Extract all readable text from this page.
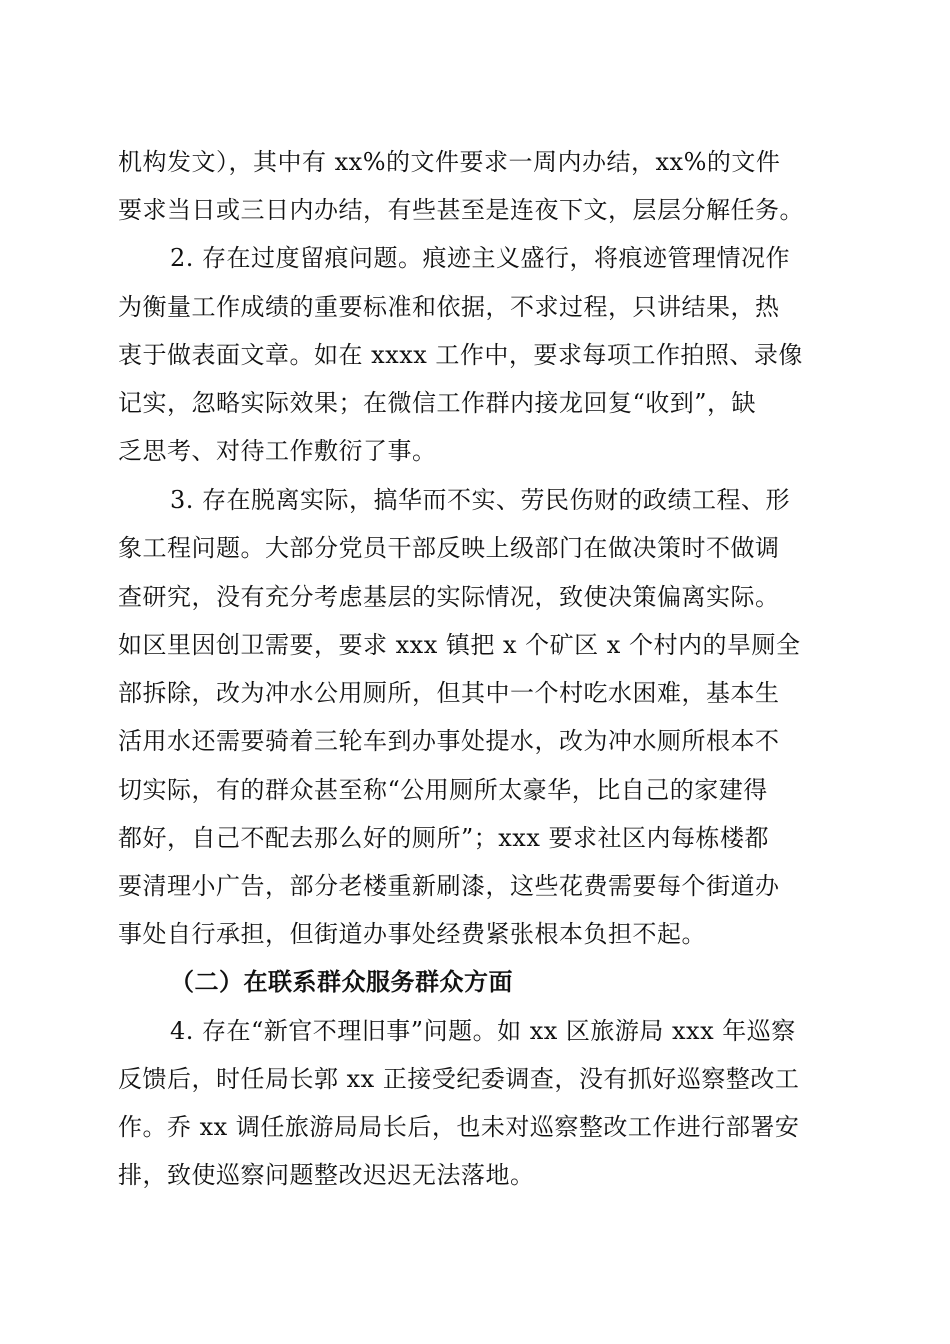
机构发文），其中有 xx%的文件要求一周内办结，xx%的文件
要求当日或三日内办结，有些甚至是连夜下文，层层分解任务。
2. 存在过度留痕问题。痕迹主义盛行，将痕迹管理情况作
为衡量工作成绩的重要标准和依据，不求过程，只讲结果，热
衷于做表面文章。如在 xxxx 工作中，要求每项工作拍照、录像
记实，忽略实际效果；在微信工作群内接龙回复“收到”，缺
乏思考、对待工作敷衍了事。
3. 存在脱离实际，搞华而不实、劳民伤财的政绩工程、形
象工程问题。大部分党员干部反映上级部门在做决策时不做调
查研究，没有充分考虑基层的实际情况，致使决策偏离实际。
如区里因创卫需要，要求 xxx 镇把 x 个矿区 x 个村内的旱厕全
部拆除，改为冲水公用厕所，但其中一个村吃水困难，基本生
活用水还需要骑着三轮车到办事处提水，改为冲水厕所根本不
切实际，有的群众甚至称“公用厕所太豪华，比自己的家建得
都好，自己不配去那么好的厕所”；xxx 要求社区内每栋楼都
要清理小广告，部分老楼重新刷漆，这些花费需要每个街道办
事处自行承担，但街道办事处经费紧张根本负担不起。
（二）在联系群众服务群众方面
4. 存在“新官不理旧事”问题。如 xx 区旅游局 xxx 年巡察
反馈后，时任局长郭 xx 正接受纪委调查，没有抓好巡察整改工
作。乔 xx 调任旅游局局长后，也未对巡察整改工作进行部署安
排，致使巡察问题整改迟迟无法落地。
